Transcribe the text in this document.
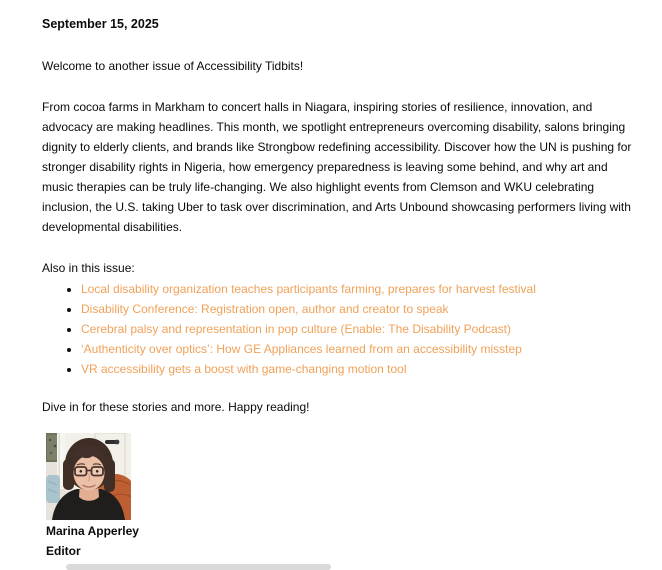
September 15, 2025
Welcome to another issue of Accessibility Tidbits!
From cocoa farms in Markham to concert halls in Niagara, inspiring stories of resilience, innovation, and advocacy are making headlines. This month, we spotlight entrepreneurs overcoming disability, salons bringing dignity to elderly clients, and brands like Strongbow redefining accessibility. Discover how the UN is pushing for stronger disability rights in Nigeria, how emergency preparedness is leaving some behind, and why art and music therapies can be truly life-changing. We also highlight events from Clemson and WKU celebrating inclusion, the U.S. taking Uber to task over discrimination, and Arts Unbound showcasing performers living with developmental disabilities.
Also in this issue:
• Local disability organization teaches participants farming, prepares for harvest festival
• Disability Conference: Registration open, author and creator to speak
• Cerebral palsy and representation in pop culture (Enable: The Disability Podcast)
• ‘Authenticity over optics’: How GE Appliances learned from an accessibility misstep
• VR accessibility gets a boost with game-changing motion tool
Dive in for these stories and more. Happy reading!
Marina Apperley
Editor
